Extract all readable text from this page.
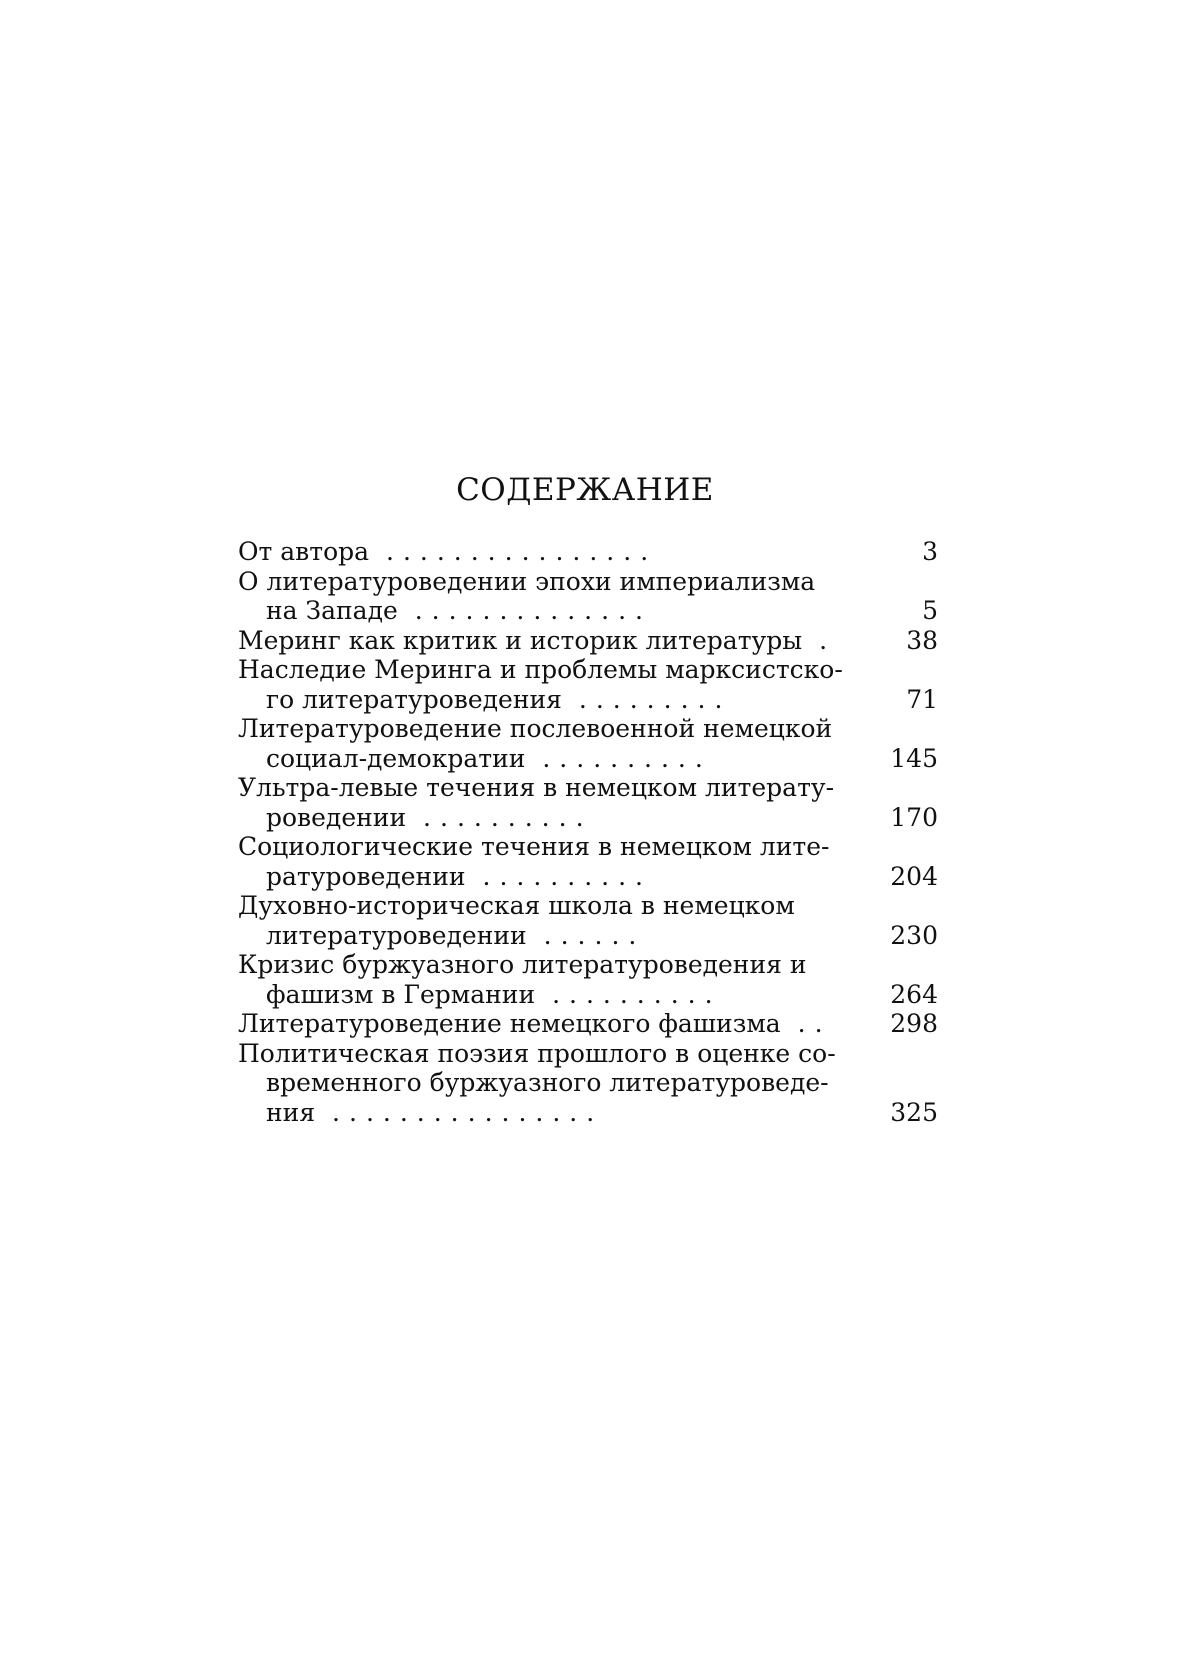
СОДЕРЖАНИЕ
От автора ................	3
О литературоведении эпохи империализма
на Западе ..............	5
Меринг как критик и историк литературы .	38
Наследие Меринга и проблемы марксистско-
го литературоведения .........	71
Литературоведение послевоенной немецкой
социал-демократии ..........	145
Ультра-левые течения в немецком литерату-
роведении ..........	170
Социологические течения в немецком лите-
ратуроведении ..........	204
Духовно-историческая школа в немецком
литературоведении ......	230
Кризис буржуазного литературоведения и
фашизм в Германии ..........	264
Литературоведение немецкого фашизма ..	298
Политическая поэзия прошлого в оценке со-
временного буржуазного литературоведе-
ния ................	325
